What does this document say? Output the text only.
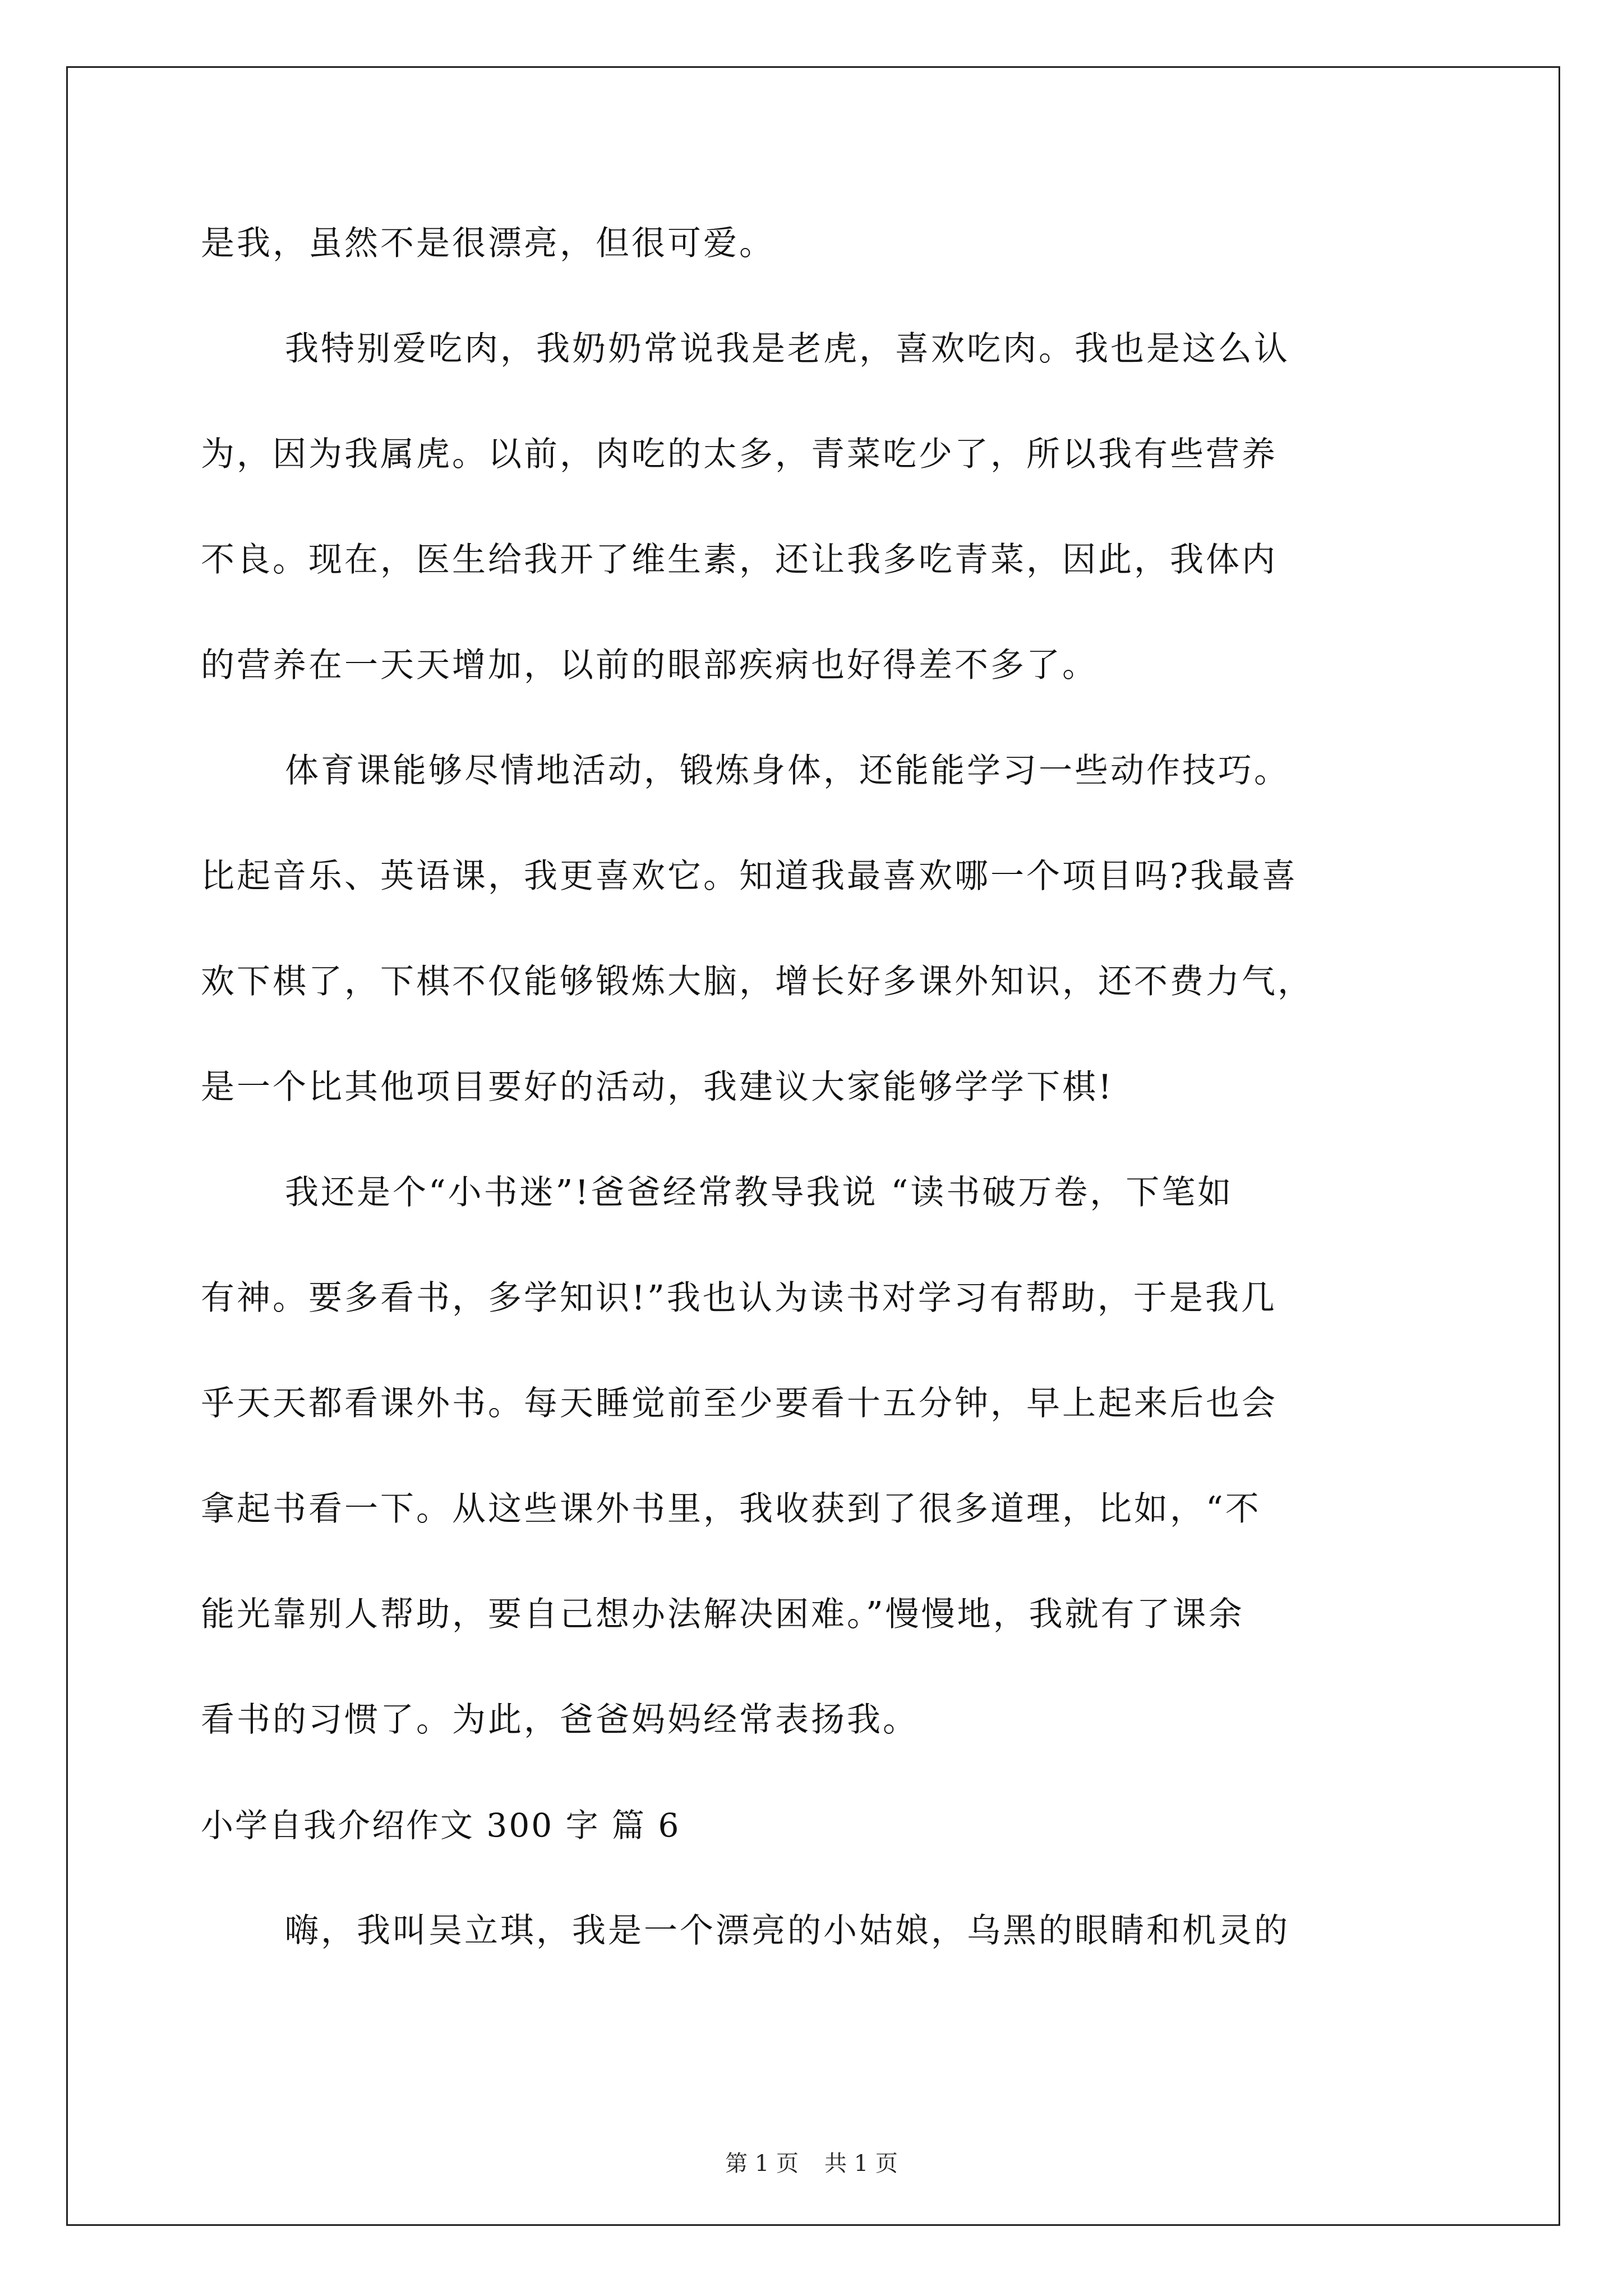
是我，虽然不是很漂亮，但很可爱。
我特别爱吃肉，我奶奶常说我是老虎，喜欢吃肉。我也是这么认
为，因为我属虎。以前，肉吃的太多，青菜吃少了，所以我有些营养
不良。现在，医生给我开了维生素，还让我多吃青菜，因此，我体内
的营养在一天天增加，以前的眼部疾病也好得差不多了。
体育课能够尽情地活动，锻炼身体，还能能学习一些动作技巧。
比起音乐、英语课，我更喜欢它。知道我最喜欢哪一个项目吗?我最喜
欢下棋了，下棋不仅能够锻炼大脑，增长好多课外知识，还不费力气，
是一个比其他项目要好的活动，我建议大家能够学学下棋!
我还是个“小书迷”!爸爸经常教导我说 “读书破万卷，下笔如
有神。要多看书，多学知识!”我也认为读书对学习有帮助，于是我几
乎天天都看课外书。每天睡觉前至少要看十五分钟，早上起来后也会
拿起书看一下。从这些课外书里，我收获到了很多道理，比如，“不
能光靠别人帮助，要自己想办法解决困难。”慢慢地，我就有了课余
看书的习惯了。为此，爸爸妈妈经常表扬我。
小学自我介绍作文 300 字 篇 6
嗨，我叫吴立琪，我是一个漂亮的小姑娘，乌黑的眼睛和机灵的
第 1 页 共 1 页
